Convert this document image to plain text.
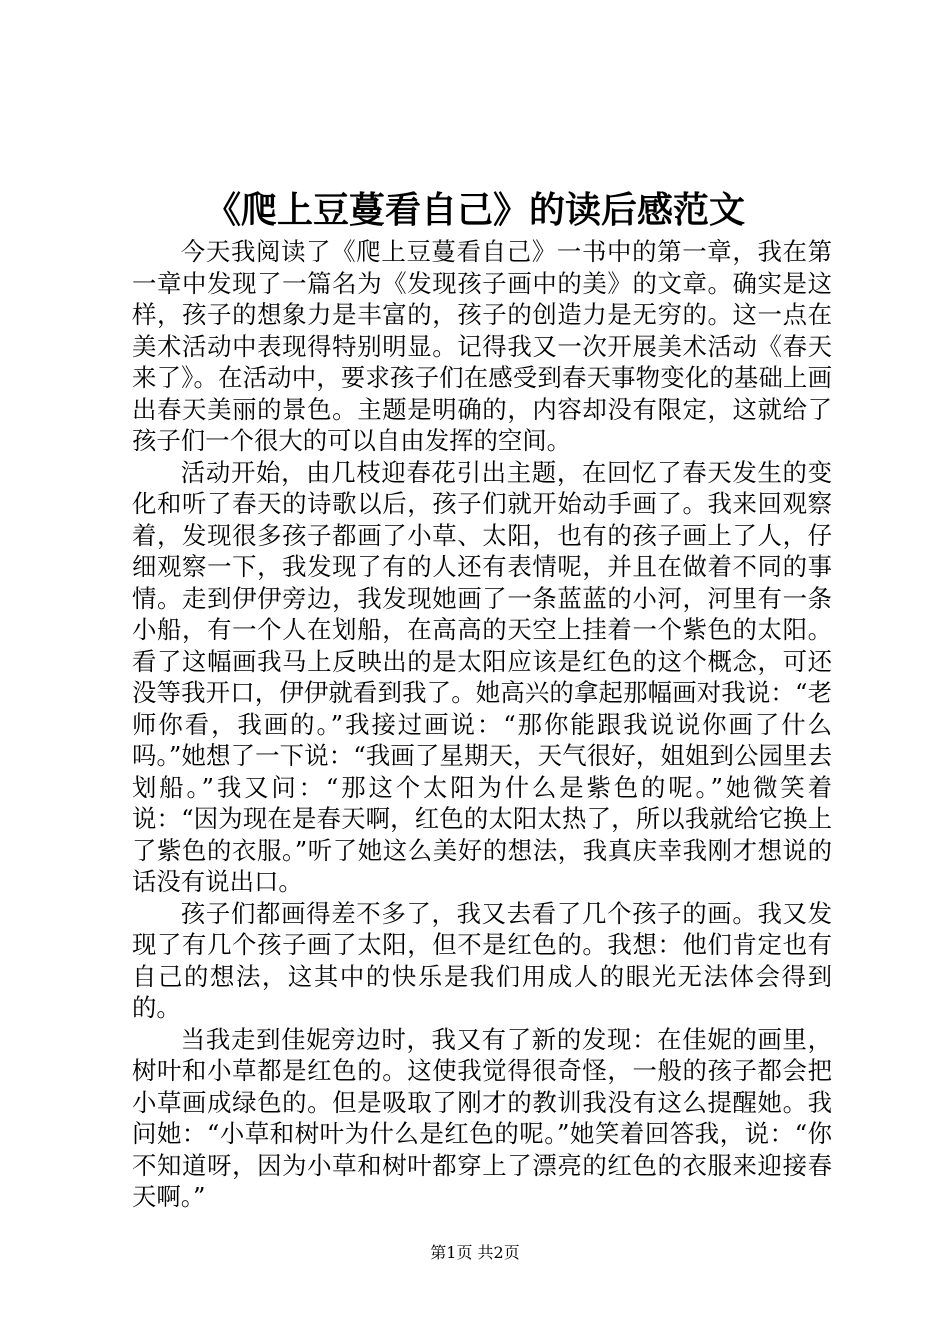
《爬上豆蔓看自己》的读后感范文

今天我阅读了《爬上豆蔓看自己》一书中的第一章，我在第一章中发现了一篇名为《发现孩子画中的美》的文章。确实是这样，孩子的想象力是丰富的，孩子的创造力是无穷的。这一点在美术活动中表现得特别明显。记得我又一次开展美术活动《春天来了》。在活动中，要求孩子们在感受到春天事物变化的基础上画出春天美丽的景色。主题是明确的，内容却没有限定，这就给了孩子们一个很大的可以自由发挥的空间。

活动开始，由几枝迎春花引出主题，在回忆了春天发生的变化和听了春天的诗歌以后，孩子们就开始动手画了。我来回观察着，发现很多孩子都画了小草、太阳，也有的孩子画上了人，仔细观察一下，我发现了有的人还有表情呢，并且在做着不同的事情。走到伊伊旁边，我发现她画了一条蓝蓝的小河，河里有一条小船，有一个人在划船，在高高的天空上挂着一个紫色的太阳。看了这幅画我马上反映出的是太阳应该是红色的这个概念，可还没等我开口，伊伊就看到我了。她高兴的拿起那幅画对我说：“老师你看，我画的。”我接过画说：“那你能跟我说说你画了什么吗。”她想了一下说：“我画了星期天，天气很好，姐姐到公园里去划船。”我又问：“那这个太阳为什么是紫色的呢。”她微笑着说：“因为现在是春天啊，红色的太阳太热了，所以我就给它换上了紫色的衣服。”听了她这么美好的想法，我真庆幸我刚才想说的话没有说出口。

孩子们都画得差不多了，我又去看了几个孩子的画。我又发现了有几个孩子画了太阳，但不是红色的。我想：他们肯定也有自己的想法，这其中的快乐是我们用成人的眼光无法体会得到的。

当我走到佳妮旁边时，我又有了新的发现：在佳妮的画里，树叶和小草都是红色的。这使我觉得很奇怪，一般的孩子都会把小草画成绿色的。但是吸取了刚才的教训我没有这么提醒她。我问她：“小草和树叶为什么是红色的呢。”她笑着回答我，说：“你不知道呀，因为小草和树叶都穿上了漂亮的红色的衣服来迎接春天啊。”

第1页 共2页
